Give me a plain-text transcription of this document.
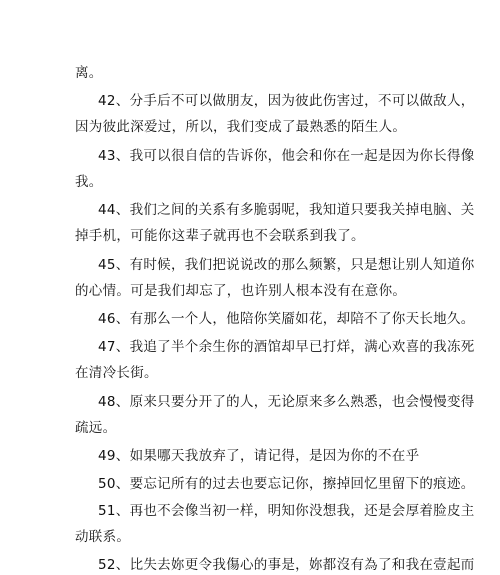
离。
42、分手后不可以做朋友，因为彼此伤害过，不可以做敌人，
因为彼此深爱过，所以，我们变成了最熟悉的陌生人。
43、我可以很自信的告诉你，他会和你在一起是因为你长得像
我。
44、我们之间的关系有多脆弱呢，我知道只要我关掉电脑、关
掉手机，可能你这辈子就再也不会联系到我了。
45、有时候，我们把说说改的那么频繁，只是想让别人知道你
的心情。可是我们却忘了，也许别人根本没有在意你。
46、有那么一个人，他陪你笑靥如花，却陪不了你天长地久。
47、我追了半个余生你的酒馆却早已打烊，满心欢喜的我冻死
在清冷长街。
48、原来只要分开了的人，无论原来多么熟悉，也会慢慢变得
疏远。
49、如果哪天我放弃了，请记得，是因为你的不在乎
50、要忘记所有的过去也要忘记你，擦掉回忆里留下的痕迹。
51、再也不会像当初一样，明知你没想我，还是会厚着脸皮主
动联系。
52、比失去妳更令我傷心的事是，妳都沒有為了和我在壹起而
